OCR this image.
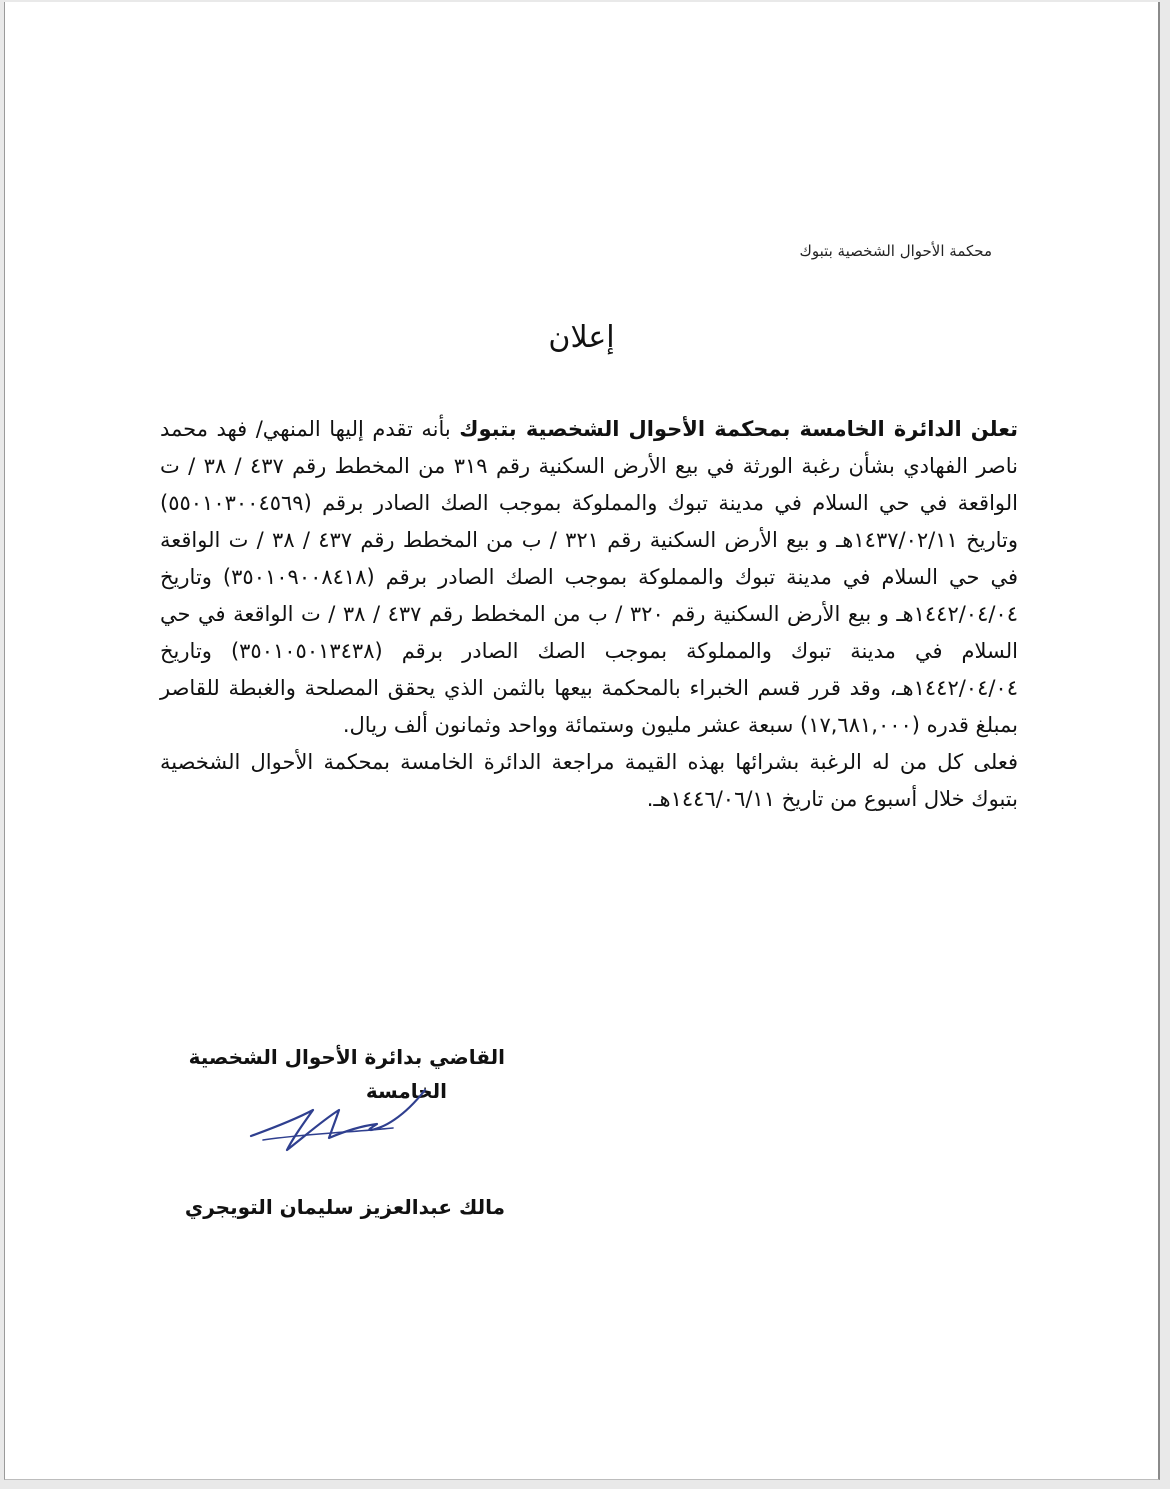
محكمة الأحوال الشخصية بتبوك
إعلان

تعلن الدائرة الخامسة بمحكمة الأحوال الشخصية بتبوك بأنه تقدم إليها المنهي/ فهد محمد ناصر الفهادي بشأن رغبة الورثة في بيع الأرض السكنية رقم ٣١٩ من المخطط رقم ٤٣٧ / ٣٨ / ت الواقعة في حي السلام في مدينة تبوك والمملوكة بموجب الصك الصادر برقم (٥٥٠١٠٣٠٠٤٥٦٩) وتاريخ ١٤٣٧/٠٢/١١هـ و بيع الأرض السكنية رقم ٣٢١ / ب من المخطط رقم ٤٣٧ / ٣٨ / ت الواقعة في حي السلام في مدينة تبوك والمملوكة بموجب الصك الصادر برقم (٣٥٠١٠٩٠٠٨٤١٨) وتاريخ ١٤٤٢/٠٤/٠٤هـ و بيع الأرض السكنية رقم ٣٢٠ / ب من المخطط رقم ٤٣٧ / ٣٨ / ت الواقعة في حي السلام في مدينة تبوك والمملوكة بموجب الصك الصادر برقم (٣٥٠١٠٥٠١٣٤٣٨) وتاريخ ١٤٤٢/٠٤/٠٤هـ، وقد قرر قسم الخبراء بالمحكمة بيعها بالثمن الذي يحقق المصلحة والغبطة للقاصر بمبلغ قدره (١٧,٦٨١,٠٠٠) سبعة عشر مليون وستمائة وواحد وثمانون ألف ريال.

فعلى كل من له الرغبة بشرائها بهذه القيمة مراجعة الدائرة الخامسة بمحكمة الأحوال الشخصية بتبوك خلال أسبوع من تاريخ ١٤٤٦/٠٦/١١هـ.

القاضي بدائرة الأحوال الشخصية
الخامسة
مالك عبدالعزيز سليمان التويجري
